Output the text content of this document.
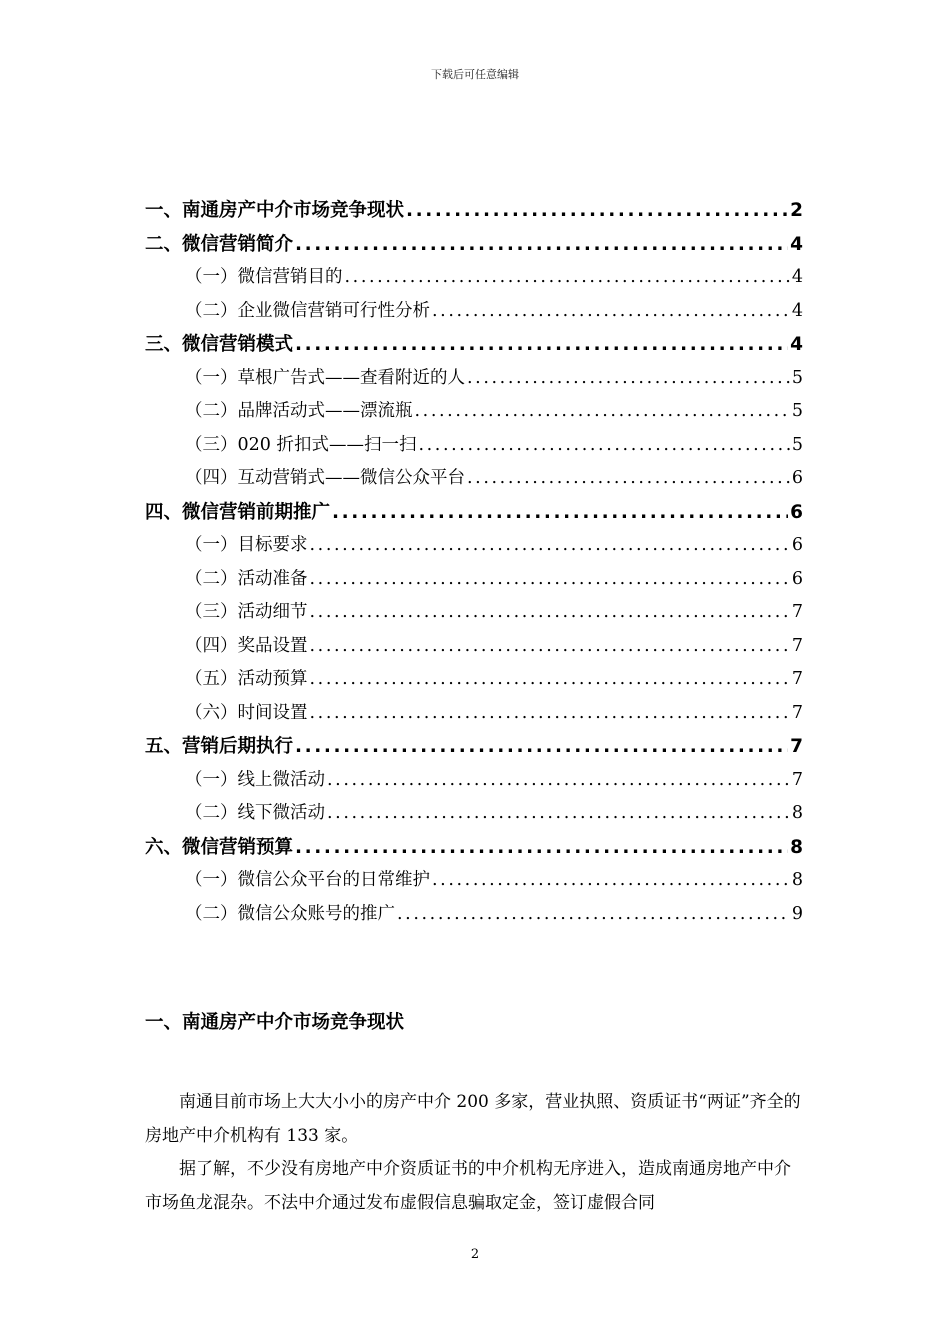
下载后可任意编辑
一、南通房产中介市场竞争现状 .....	2
二、微信营销简介 .....	4
（一）微信营销目的 .....	4
（二）企业微信营销可行性分析 .....	4
三、微信营销模式 .....	4
（一）草根广告式——查看附近的人 .....	5
（二）品牌活动式——漂流瓶 .....	5
（三）020 折扣式——扫一扫 .....	5
（四）互动营销式——微信公众平台 .....	6
四、微信营销前期推广 .....	6
（一）目标要求 .....	6
（二）活动准备 .....	6
（三）活动细节 .....	7
（四）奖品设置 .....	7
（五）活动预算 .....	7
（六）时间设置 .....	7
五、营销后期执行 .....	7
（一）线上微活动 .....	7
（二）线下微活动 .....	8
六、微信营销预算 .....	8
（一）微信公众平台的日常维护 .....	8
（二）微信公众账号的推广 .....	9
一、南通房产中介市场竞争现状

南通目前市场上大大小小的房产中介 200 多家，营业执照、资质证书“两证”齐全的房地产中介机构有 133 家。

据了解，不少没有房地产中介资质证书的中介机构无序进入，造成南通房地产中介市场鱼龙混杂。不法中介通过发布虚假信息骗取定金，签订虚假合同

2
